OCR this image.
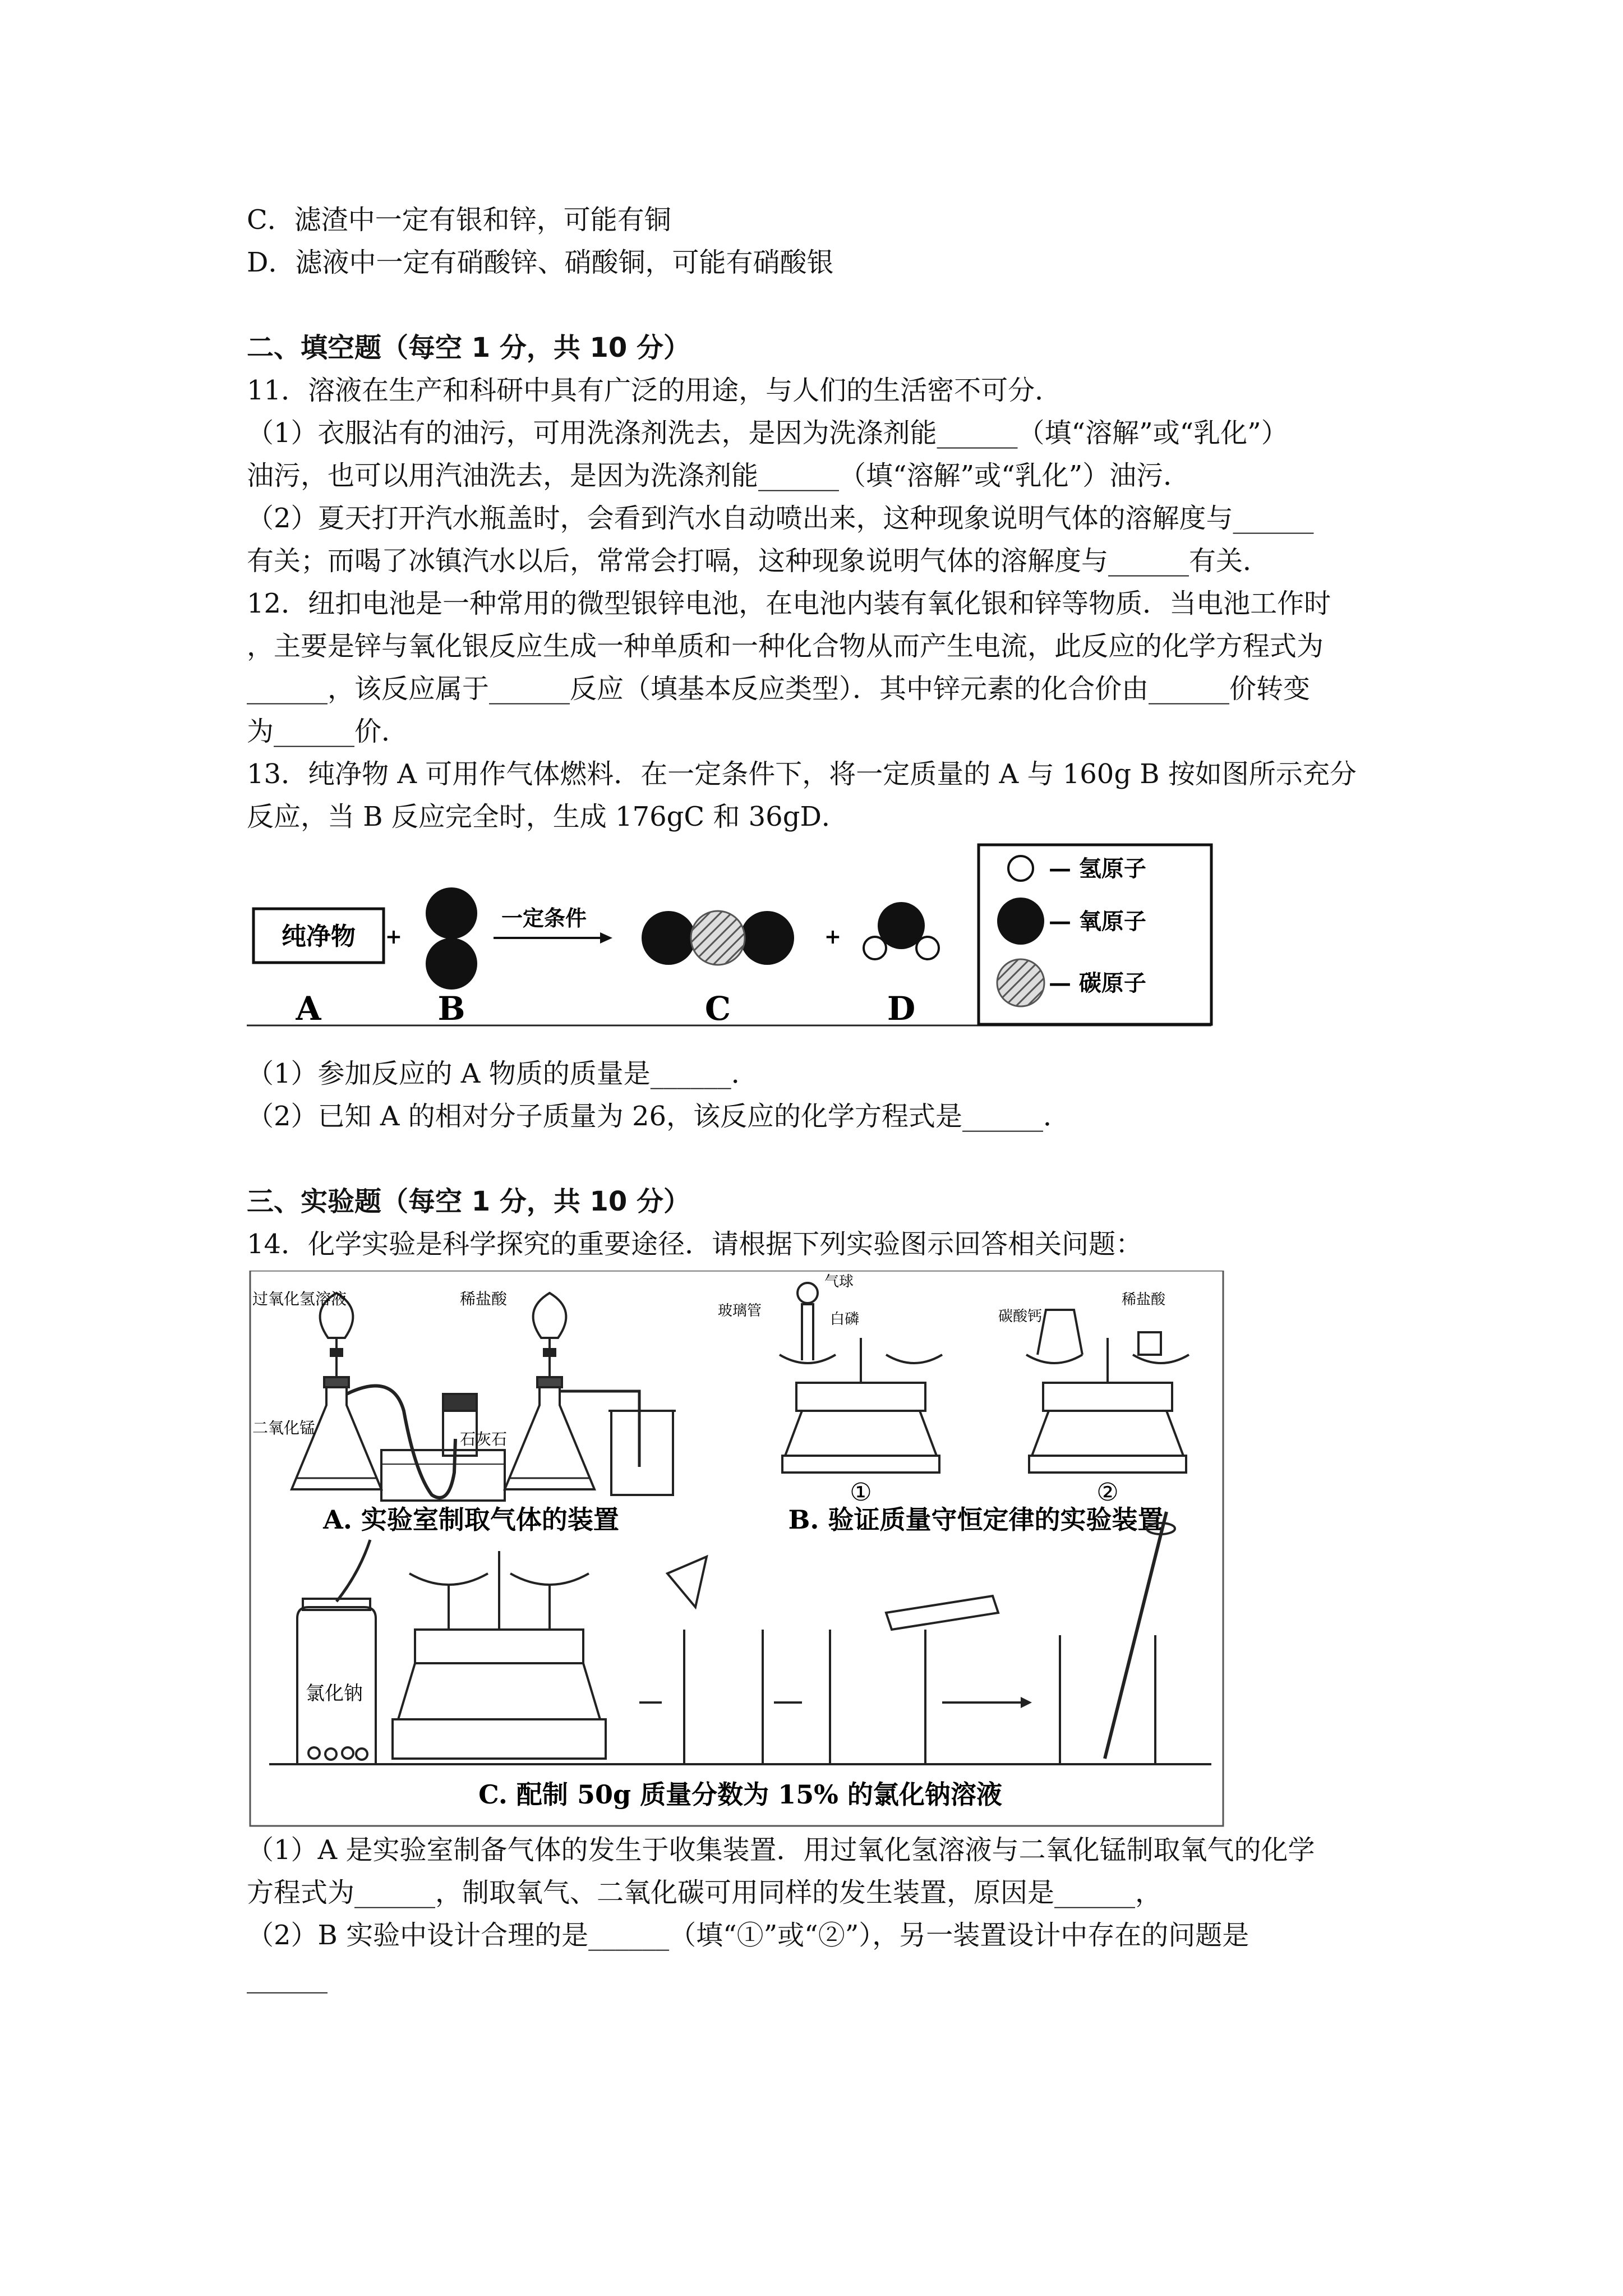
C．滤渣中一定有银和锌，可能有铜
D．滤液中一定有硝酸锌、硝酸铜，可能有硝酸银
二、填空题（每空 1 分，共 10 分）
11．溶液在生产和科研中具有广泛的用途，与人们的生活密不可分．
（1）衣服沾有的油污，可用洗涤剂洗去，是因为洗涤剂能______（填“溶解”或“乳化”）
油污，也可以用汽油洗去，是因为洗涤剂能______（填“溶解”或“乳化”）油污．
（2）夏天打开汽水瓶盖时，会看到汽水自动喷出来，这种现象说明气体的溶解度与______
有关；而喝了冰镇汽水以后，常常会打嗝，这种现象说明气体的溶解度与______有关．
12．纽扣电池是一种常用的微型银锌电池，在电池内装有氧化银和锌等物质．当电池工作时
，主要是锌与氧化银反应生成一种单质和一种化合物从而产生电流，此反应的化学方程式为
______，该反应属于______反应（填基本反应类型）．其中锌元素的化合价由______价转变
为______价．
13．纯净物 A 可用作气体燃料．在一定条件下，将一定质量的 A 与 160g B 按如图所示充分
反应，当 B 反应完全时，生成 176gC 和 36gD．
纯净物 +
一定条件
+
A	B	C	D
— 氢原子
— 氧原子
— 碳原子
（1）参加反应的 A 物质的质量是______．
（2）已知 A 的相对分子质量为 26，该反应的化学方程式是______．
三、实验题（每空 1 分，共 10 分）
14．化学实验是科学探究的重要途径．请根据下列实验图示回答相关问题：
过氧化氢溶液
二氧化锰
稀盐酸
石灰石
A. 实验室制取气体的装置
气球
玻璃管	白磷
稀盐酸
碳酸钙
①	②
B. 验证质量守恒定律的实验装置
氯化钠
C. 配制 50g 质量分数为 15% 的氯化钠溶液
（1）A 是实验室制备气体的发生于收集装置．用过氧化氢溶液与二氧化锰制取氧气的化学
方程式为______，制取氧气、二氧化碳可用同样的发生装置，原因是______，
（2）B 实验中设计合理的是______（填“①”或“②”），另一装置设计中存在的问题是
______
